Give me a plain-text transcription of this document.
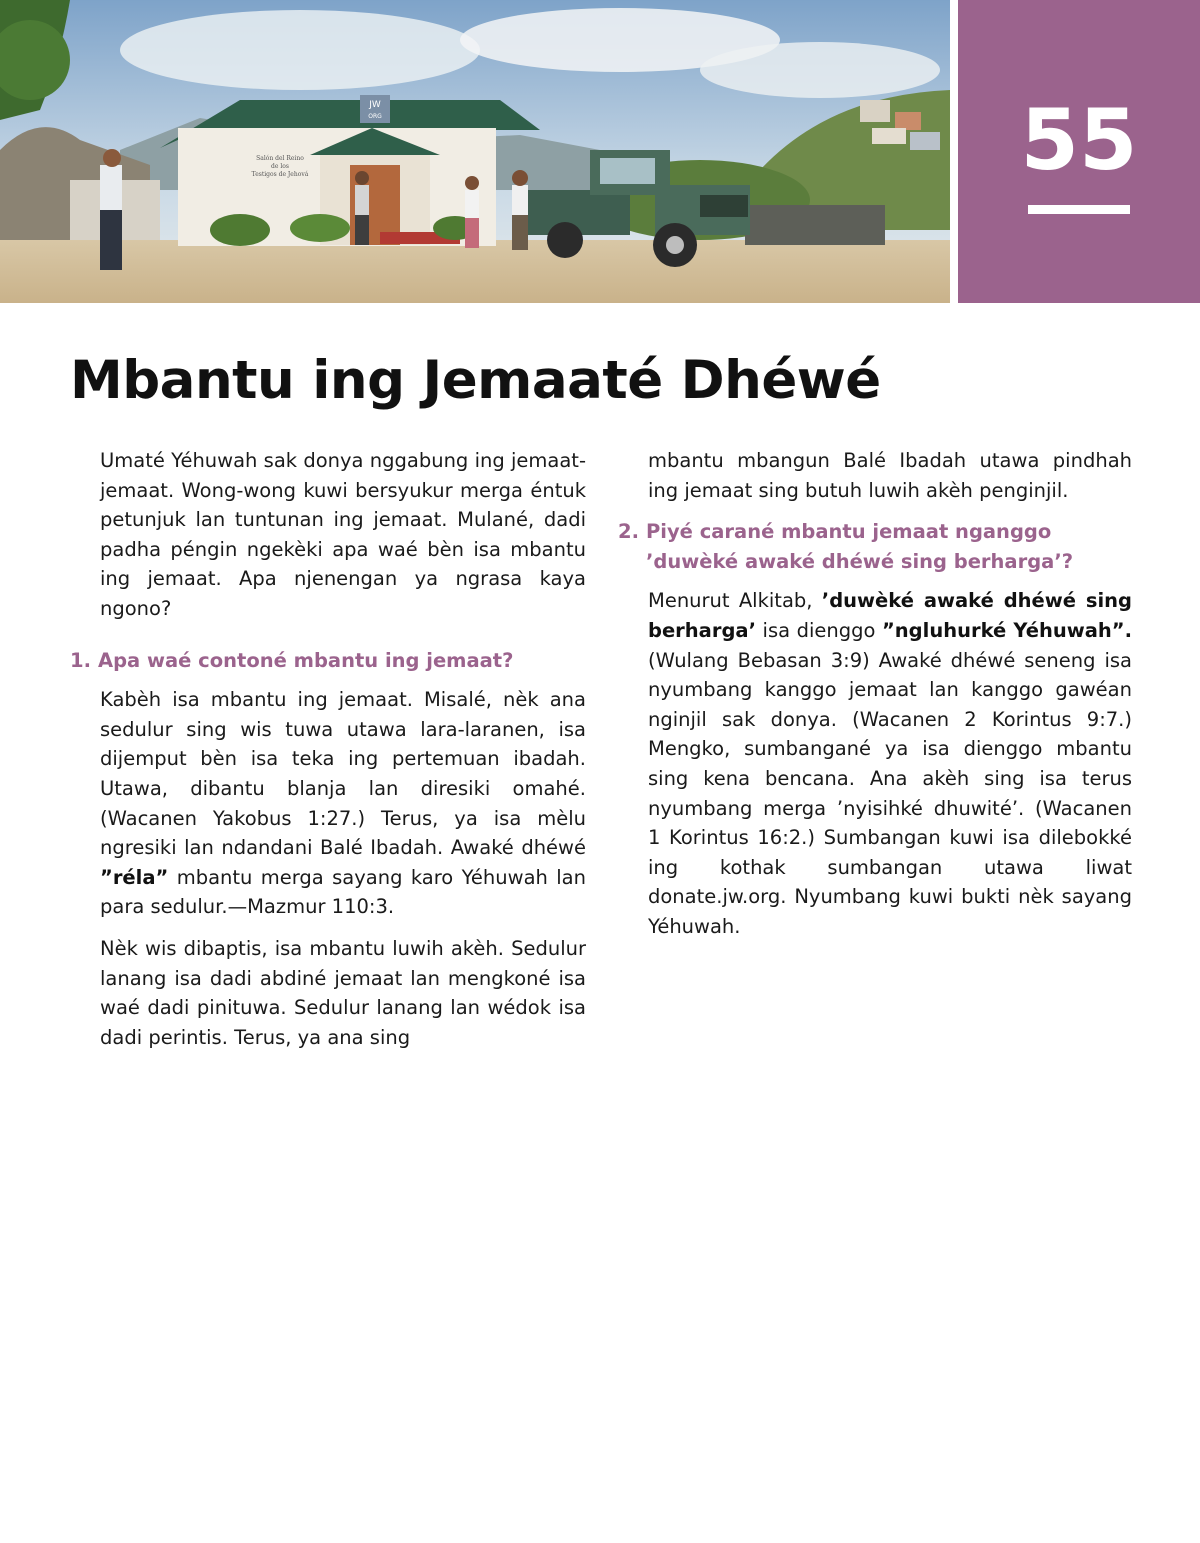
JW
ORG
Salón del Reino
de los
Testigos de Jehová	55
Mbantu ing Jemaaté Dhéwé

Umaté Yéhuwah sak donya nggabung ing jemaat-jemaat. Wong-wong kuwi bersyukur merga éntuk petunjuk lan tuntunan ing jemaat. Mulané, dadi padha péngin ngekèki apa waé bèn isa mbantu ing jemaat. Apa njenengan ya ngrasa kaya ngono?

1. Apa waé contoné mbantu ing jemaat?

Kabèh isa mbantu ing jemaat. Misalé, nèk ana sedulur sing wis tuwa utawa lara-laranen, isa dijemput bèn isa teka ing pertemuan ibadah. Utawa, dibantu blanja lan diresiki omahé. (Wacanen Yakobus 1:27.) Terus, ya isa mèlu ngresiki lan ndandani Balé Ibadah. Awaké dhéwé ”réla” mbantu merga sayang karo Yéhuwah lan para sedulur.—Mazmur 110:3.

Nèk wis dibaptis, isa mbantu luwih akèh. Sedulur lanang isa dadi abdiné jemaat lan mengkoné isa waé dadi pinituwa. Sedulur lanang lan wédok isa dadi perintis. Terus, ya ana sing

mbantu mbangun Balé Ibadah utawa pindhah ing jemaat sing butuh luwih akèh penginjil.

2. Piyé carané mbantu jemaat nganggo ’duwèké awaké dhéwé sing berharga’?

Menurut Alkitab, ’duwèké awaké dhéwé sing berharga’ isa dienggo ”ngluhurké Yéhuwah”. (Wulang Bebasan 3:9) Awaké dhéwé seneng isa nyumbang kanggo jemaat lan kanggo gawéan nginjil sak donya. (Wacanen 2 Korintus 9:7.) Mengko, sumbangané ya isa dienggo mbantu sing kena bencana. Ana akèh sing isa terus nyumbang merga ’nyisihké dhuwité’. (Wacanen 1 Korintus 16:2.) Sumbangan kuwi isa dilebokké ing kothak sumbangan utawa liwat donate.jw.org. Nyumbang kuwi bukti nèk sayang Yéhuwah.
